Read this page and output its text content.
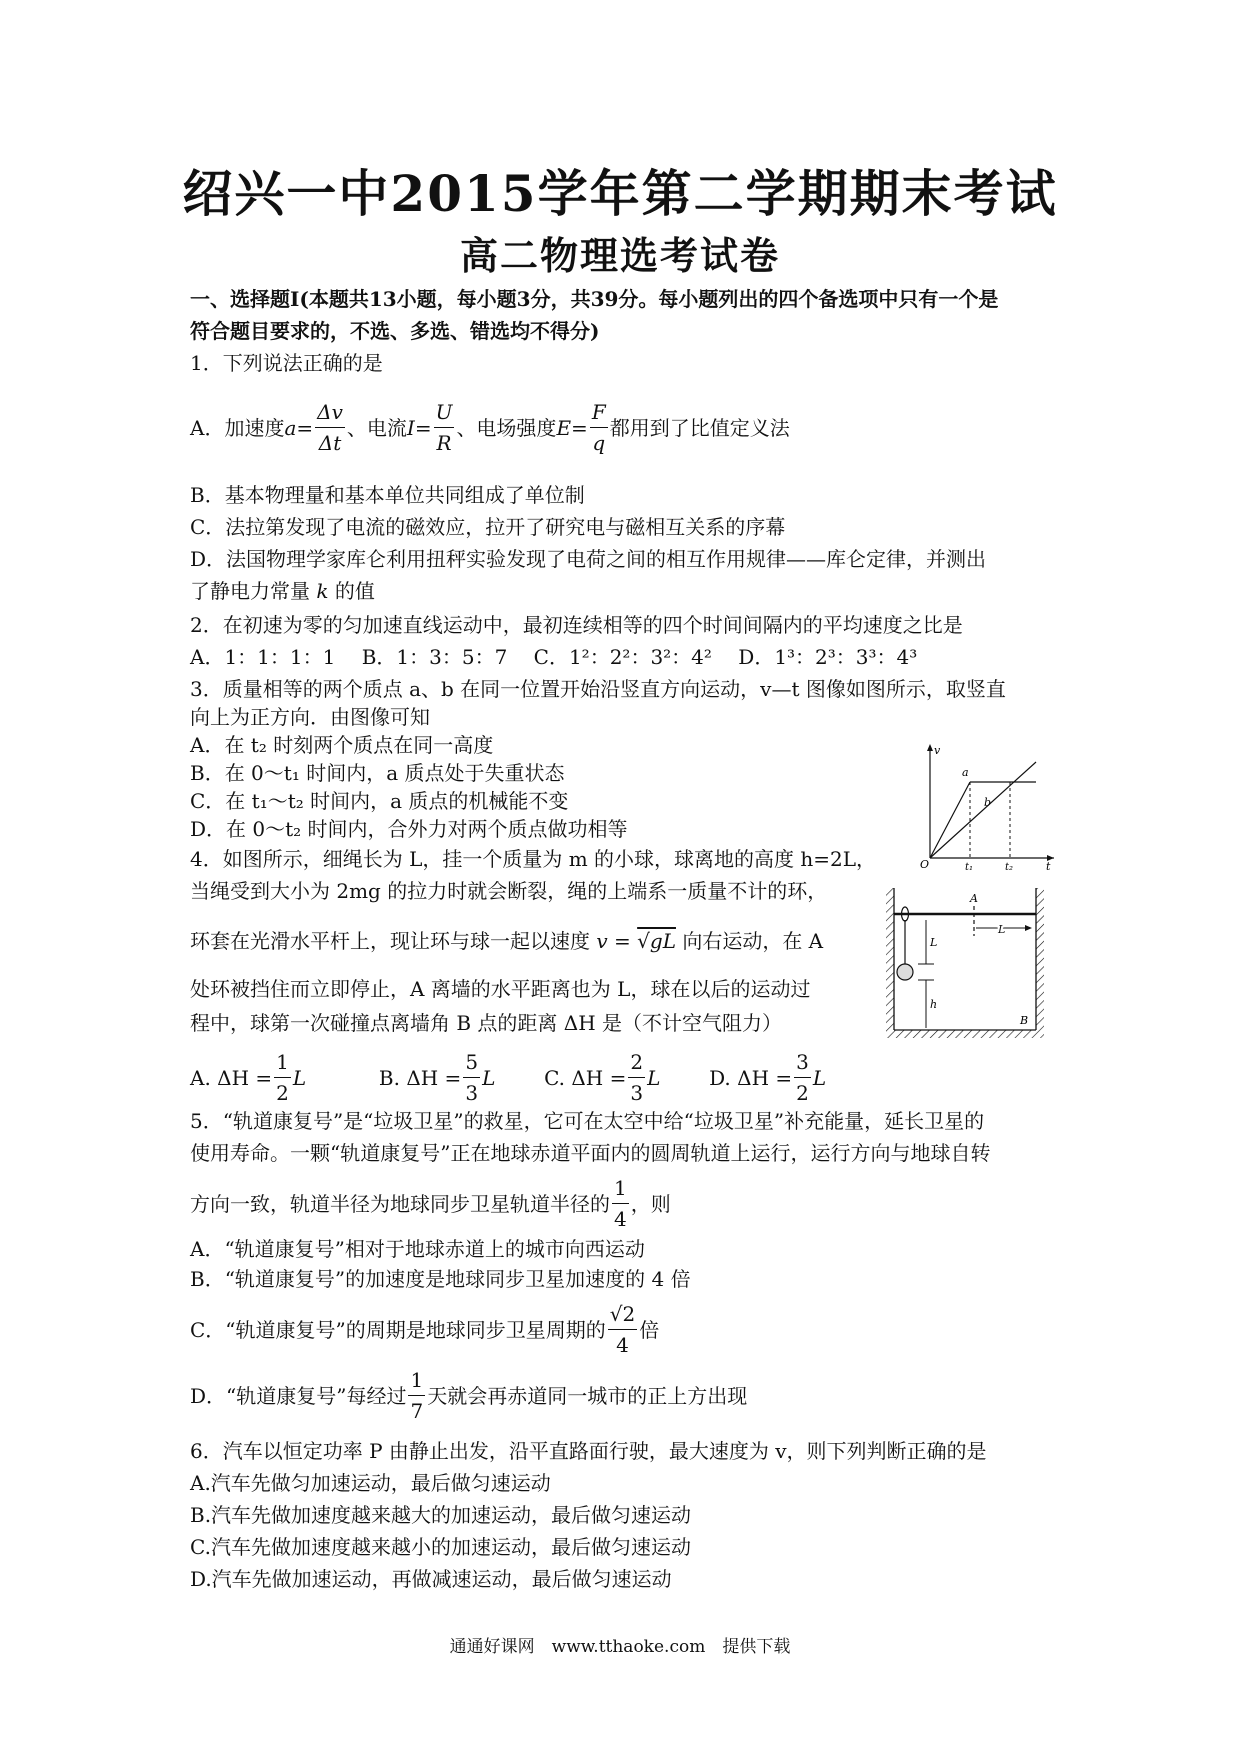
绍兴一中2015学年第二学期期末考试
高二物理选考试卷
一、选择题Ⅰ(本题共13小题，每小题3分，共39分。每小题列出的四个备选项中只有一个是
符合题目要求的，不选、多选、错选均不得分)
1．下列说法正确的是
A．加速度$a= \frac{\Delta v}{\Delta t}$ 、电流$I= \frac{U}{R}$ 、电场强度$E= \frac{F}{q}$ 都用到了比值定义法
B．基本物理量和基本单位共同组成了单位制
C．法拉第发现了电流的磁效应，拉开了研究电与磁相互关系的序幕
D．法国物理学家库仑利用扭秤实验发现了电荷之间的相互作用规律——库仑定律，并测出
了静电力常量 k 的值
2．在初速为零的匀加速直线运动中，最初连续相等的四个时间间隔内的平均速度之比是
A．1：1：1：1　 B．1：3：5：7　 C．1²：2²：3²：4²　 D．1³：2³：3³：4³
3．质量相等的两个质点 a、b 在同一位置开始沿竖直方向运动，v—t 图像如图所示，取竖直
向上为正方向．由图像可知
A．在 t₂ 时刻两个质点在同一高度
B．在 0～t₁ 时间内，a 质点处于失重状态
C．在 t₁～t₂ 时间内，a 质点的机械能不变
D．在 0～t₂ 时间内，合外力对两个质点做功相等
v
a
b
O	t₁	t₂	t
4．如图所示，细绳长为 L，挂一个质量为 m 的小球，球离地的高度 h=2L，
当绳受到大小为 2mg 的拉力时就会断裂，绳的上端系一质量不计的环，
环套在光滑水平杆上，现让环与球一起以速度 v = √gL 向右运动，在 A
处环被挡住而立即停止，A 离墙的水平距离也为 L，球在以后的运动过
程中，球第一次碰撞点离墙角 B 点的距离 ΔH 是（不计空气阻力）
A. $\Delta H = \frac{1}{2}$ L	B. $\Delta H = \frac{5}{3}$ L C. $\Delta H = \frac{2}{3}$ L D. $\Delta H = \frac{3}{2}$ L
A
L
L
h
B
5．“轨道康复号”是“垃圾卫星”的救星，它可在太空中给“垃圾卫星”补充能量，延长卫星的
使用寿命。一颗“轨道康复号”正在地球赤道平面内的圆周轨道上运行，运行方向与地球自转
方向一致，轨道半径为地球同步卫星轨道半径的 $\frac{1}{4}$ ，则
A．“轨道康复号”相对于地球赤道上的城市向西运动
B．“轨道康复号”的加速度是地球同步卫星加速度的 4 倍
C．“轨道康复号”的周期是地球同步卫星周期的 $\frac{√2}{4}$ 倍
D．“轨道康复号”每经过 $\frac{1}{7}$ 天就会再赤道同一城市的正上方出现
6．汽车以恒定功率 P 由静止出发，沿平直路面行驶，最大速度为 v，则下列判断正确的是
A.汽车先做匀加速运动，最后做匀速运动
B.汽车先做加速度越来越大的加速运动，最后做匀速运动
C.汽车先做加速度越来越小的加速运动，最后做匀速运动
D.汽车先做加速运动，再做减速运动，最后做匀速运动
通通好课网　www.tthaoke.com　提供下载
